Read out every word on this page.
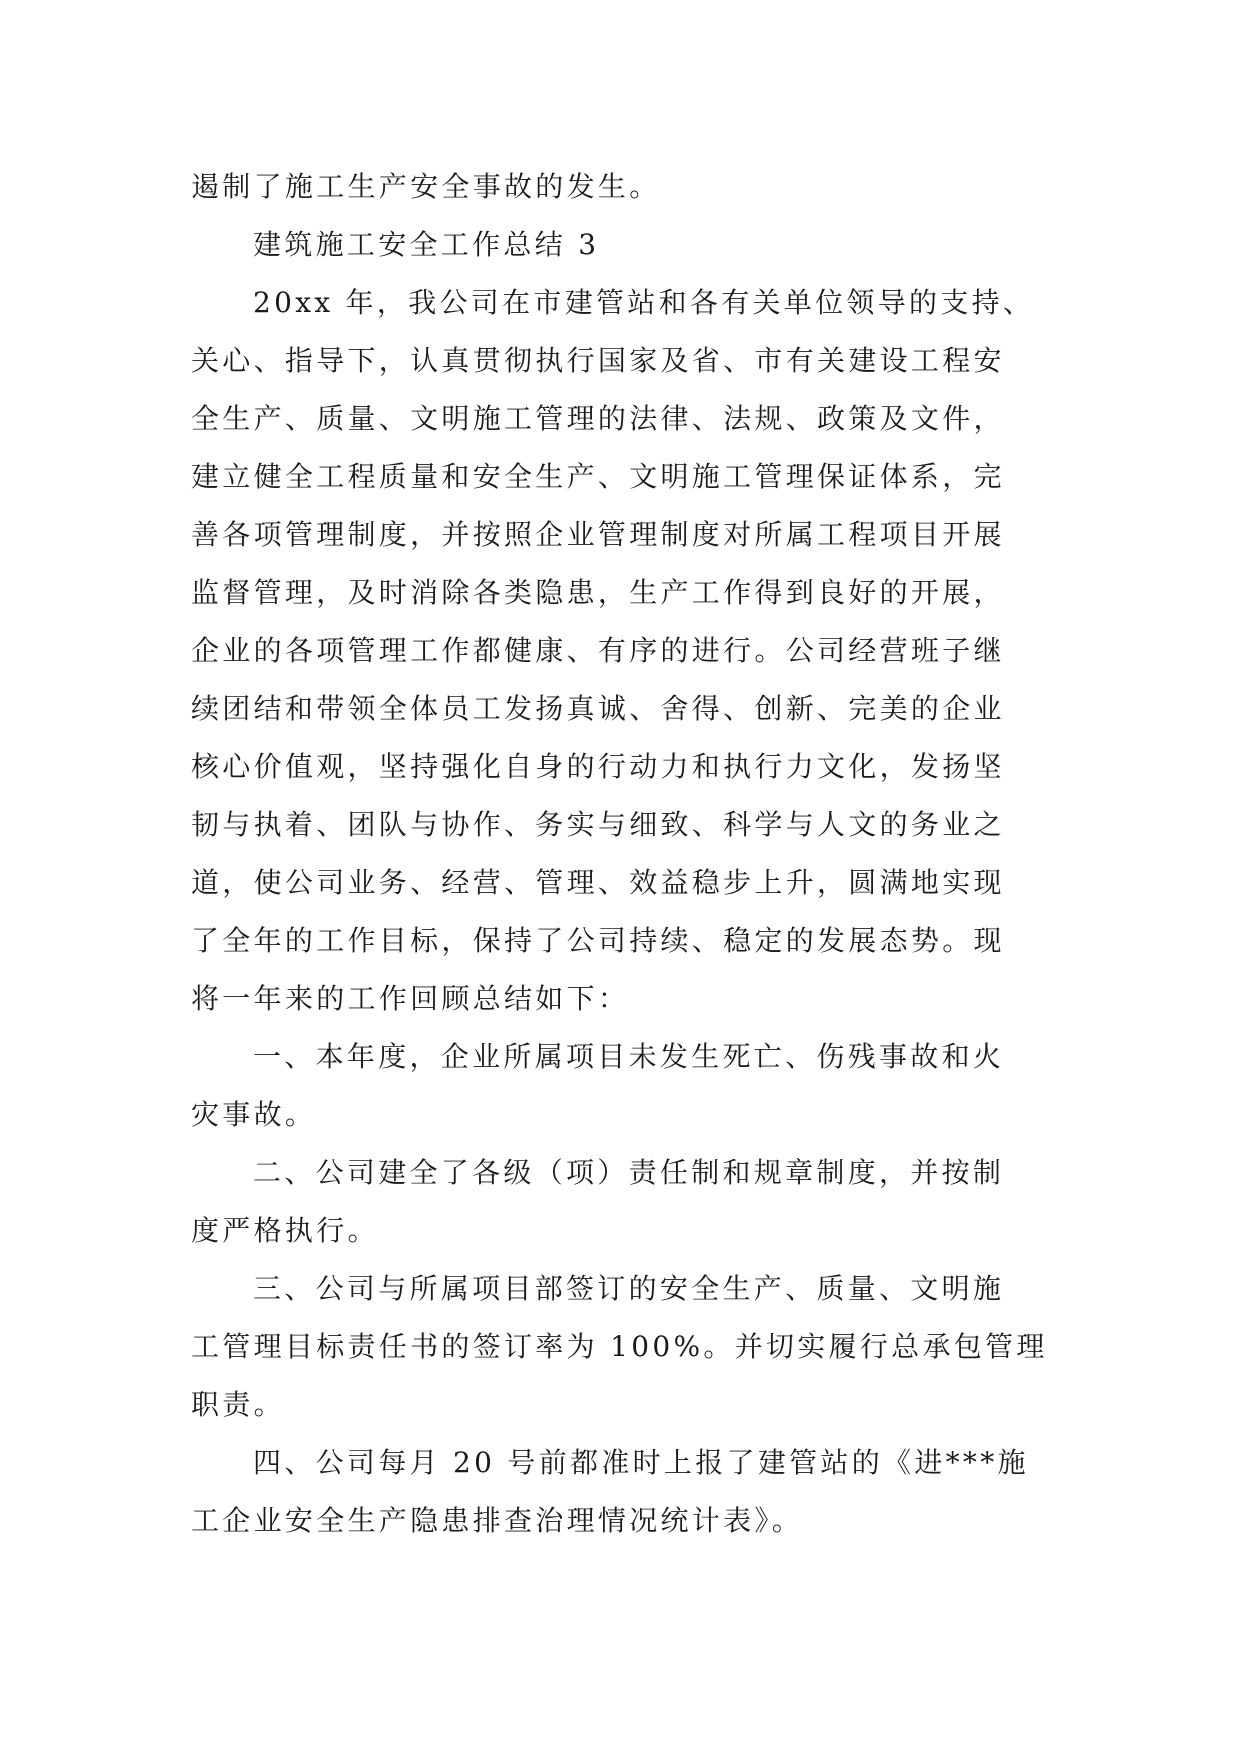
遏制了施工生产安全事故的发生。

建筑施工安全工作总结 3

20xx 年，我公司在市建管站和各有关单位领导的支持、
关心、指导下，认真贯彻执行国家及省、市有关建设工程安
全生产、质量、文明施工管理的法律、法规、政策及文件，
建立健全工程质量和安全生产、文明施工管理保证体系，完
善各项管理制度，并按照企业管理制度对所属工程项目开展
监督管理，及时消除各类隐患，生产工作得到良好的开展，
企业的各项管理工作都健康、有序的进行。公司经营班子继
续团结和带领全体员工发扬真诚、舍得、创新、完美的企业
核心价值观，坚持强化自身的行动力和执行力文化，发扬坚
韧与执着、团队与协作、务实与细致、科学与人文的务业之
道，使公司业务、经营、管理、效益稳步上升，圆满地实现
了全年的工作目标，保持了公司持续、稳定的发展态势。现
将一年来的工作回顾总结如下：

一、本年度，企业所属项目未发生死亡、伤残事故和火
灾事故。

二、公司建全了各级（项）责任制和规章制度，并按制
度严格执行。

三、公司与所属项目部签订的安全生产、质量、文明施
工管理目标责任书的签订率为 100%。并切实履行总承包管理
职责。

四、公司每月 20 号前都准时上报了建管站的《进***施
工企业安全生产隐患排查治理情况统计表》。
